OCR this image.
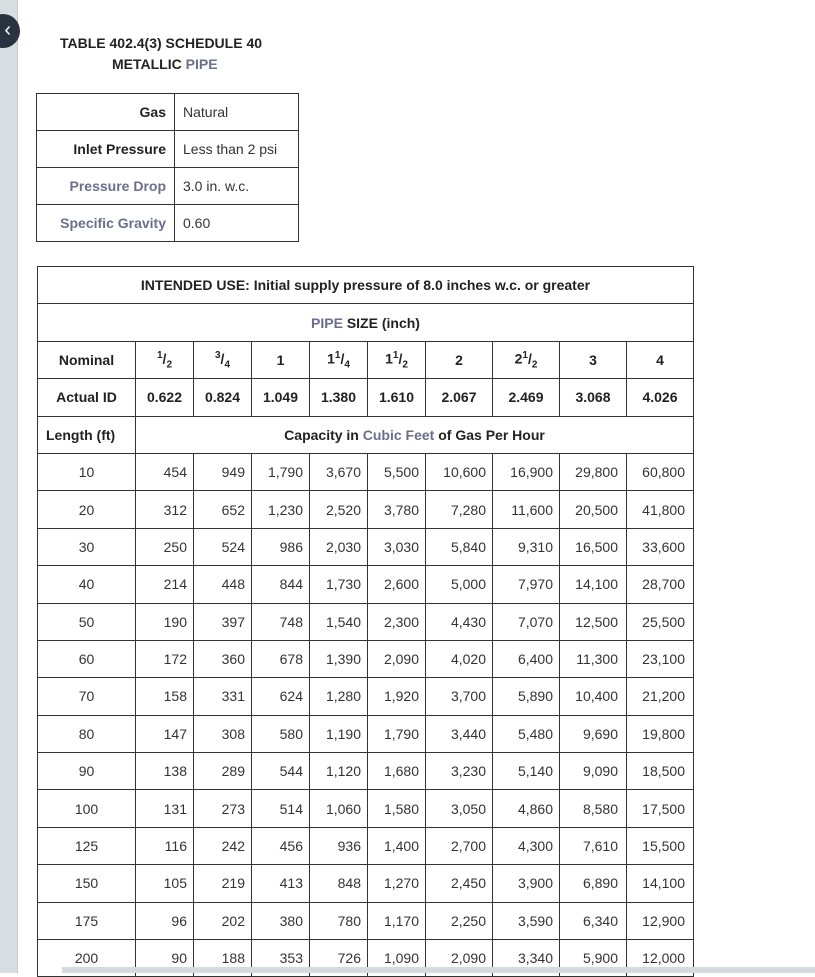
‹
TABLE 402.4(3) SCHEDULE 40
METALLIC PIPE
Gas	Natural
Inlet Pressure	Less than 2 psi
Pressure Drop	3.0 in. w.c.
Specific Gravity	0.60
INTENDED USE: Initial supply pressure of 8.0 inches w.c. or greater									
PIPE SIZE (inch)									
Nominal	$^1/_2$	$^3/_4$	1	$1^1/_4$	$1^1/_2$	2	$2^1/_2$	3	4
Actual ID	0.622	0.824	1.049	1.380	1.610	2.067	2.469	3.068	4.026
Length (ft)	Capacity in Cubic Feet of Gas Per Hour								
10	454	949	1,790	3,670	5,500	10,600	16,900	29,800	60,800
20	312	652	1,230	2,520	3,780	7,280	11,600	20,500	41,800
30	250	524	986	2,030	3,030	5,840	9,310	16,500	33,600
40	214	448	844	1,730	2,600	5,000	7,970	14,100	28,700
50	190	397	748	1,540	2,300	4,430	7,070	12,500	25,500
60	172	360	678	1,390	2,090	4,020	6,400	11,300	23,100
70	158	331	624	1,280	1,920	3,700	5,890	10,400	21,200
80	147	308	580	1,190	1,790	3,440	5,480	9,690	19,800
90	138	289	544	1,120	1,680	3,230	5,140	9,090	18,500
100	131	273	514	1,060	1,580	3,050	4,860	8,580	17,500
125	116	242	456	936	1,400	2,700	4,300	7,610	15,500
150	105	219	413	848	1,270	2,450	3,900	6,890	14,100
175	96	202	380	780	1,170	2,250	3,590	6,340	12,900
200	90	188	353	726	1,090	2,090	3,340	5,900	12,000
